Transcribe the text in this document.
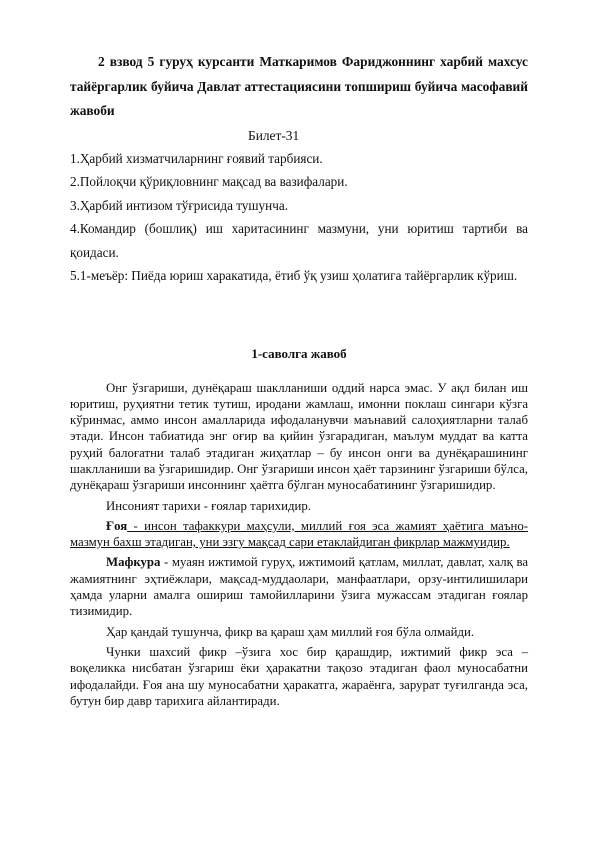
2 взвод 5 гуруҳ курсанти Маткаримов Фариджоннинг харбий махсус тайёргарлик буйича Давлат аттестациясини топшириш буйича масофавий жавоби

Билет-31

1.Ҳарбий хизматчиларнинг ғоявий тарбияси.

2.Пойлоқчи қўриқловнинг мақсад ва вазифалари.

3.Ҳарбий интизом тўғрисида тушунча.

4.Командир (бошлиқ) иш харитасининг мазмуни, уни юритиш тартиби ва қоидаси.

5.1-меъёр: Пиёда юриш харакатида, ётиб ўқ узиш ҳолатига тайёргарлик кўриш.

1-саволга жавоб

Онг ўзгариши, дунёқараш шаклланиши оддий нарса эмас. У ақл билан иш юритиш, руҳиятни тетик тутиш, иродани жамлаш, имонни поклаш сингари кўзга кўринмас, аммо инсон амалларида ифодаланувчи маънавий салоҳиятларни талаб этади. Инсон табиатида энг оғир ва қийин ўзгарадиган, маълум муддат ва катта руҳий балоғатни талаб этадиган жиҳатлар – бу инсон онги ва дунёқарашининг шаклланиши ва ўзгаришидир. Онг ўзгариши инсон ҳаёт тарзининг ўзгариши бўлса, дунёқараш ўзгариши инсоннинг ҳаётга бўлган муносабатининг ўзгаришидир.

Инсоният тарихи - ғоялар тарихидир.

Ғоя - инсон тафаккури маҳсули, миллий ғоя эса жамият ҳаётига маъно-мазмун бахш этадиган, уни эзгу мақсад сари етаклайдиган фикрлар мажмуидир.

Мафкура - муаян ижтимой гуруҳ, ижтимоий қатлам, миллат, давлат, халқ ва жамиятнинг эҳтиёжлари, мақсад-муддаолари, манфаатлари, орзу-интилишилари ҳамда уларни амалга ошириш тамойилларини ўзига мужассам этадиган ғоялар тизимидир.

Ҳар қандай тушунча, фикр ва қараш ҳам миллий ғоя бўла олмайди.

Чунки шахсий фикр –ўзига хос бир қарашдир, ижтимий фикр эса – воқеликка нисбатан ўзгариш ёки ҳаракатни тақозо этадиган фаол муносабатни ифодалайди. Ғоя ана шу муносабатни ҳаракатга, жараёнга, зарурат туғилганда эса, бутун бир давр тарихига айлантиради.
